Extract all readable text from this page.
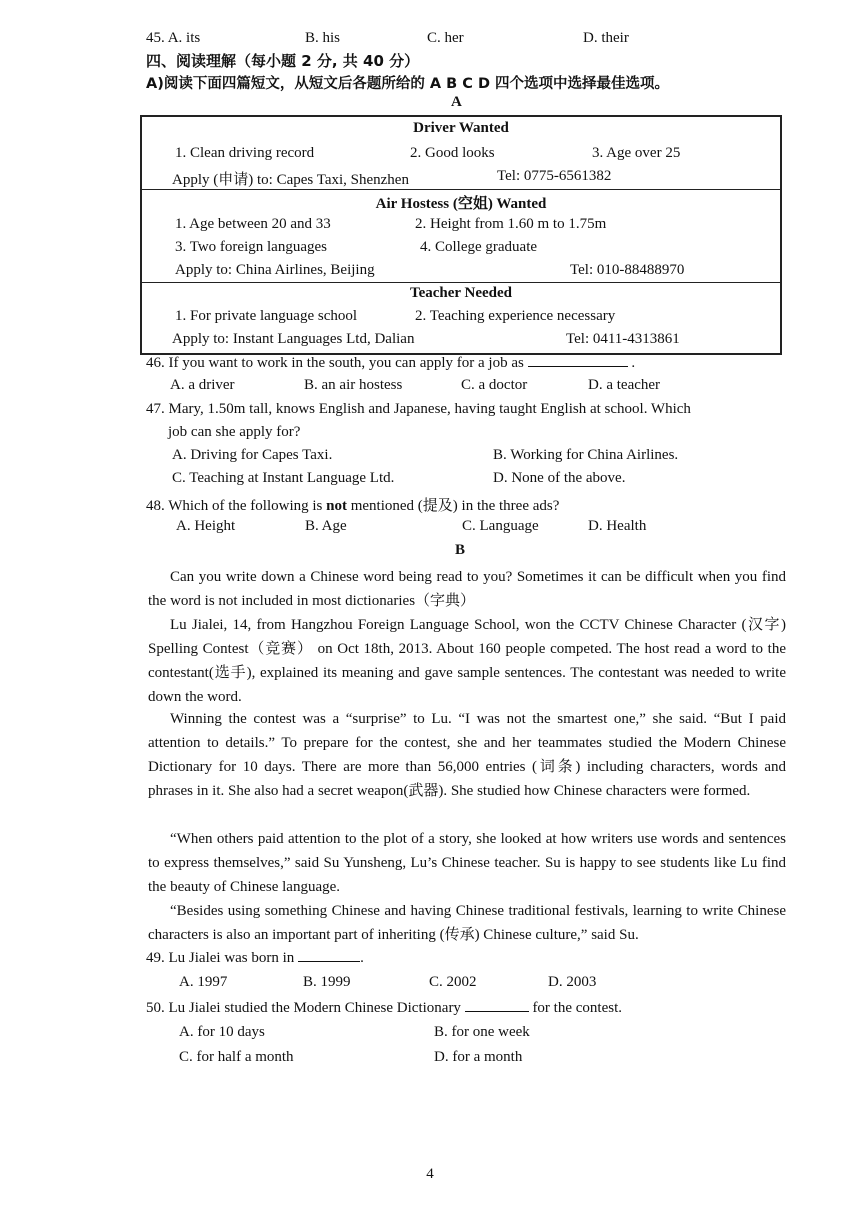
45. A. its	B. his	C. her	D. their
四、阅读理解（每小题 2 分, 共 40 分）
A)阅读下面四篇短文，从短文后各题所给的 A B C D 四个选项中选择最佳选项。
A
Driver Wanted
1. Clean driving record	2. Good looks	3. Age over 25
Apply (申请) to: Capes Taxi, Shenzhen	Tel: 0775-6561382
Air Hostess (空姐) Wanted
1. Age between 20 and 33	2. Height from 1.60 m to 1.75m
3. Two foreign languages	4. College graduate
Apply to: China Airlines, Beijing	Tel: 010-88488970
Teacher Needed
1. For private language school	2. Teaching experience necessary
Apply to: Instant Languages Ltd, Dalian	Tel: 0411-4313861
46. If you want to work in the south, you can apply for a job as	.
A. a driver	B. an air hostess	C. a doctor	D. a teacher
47. Mary, 1.50m tall, knows English and Japanese, having taught English at school. Which
job can she apply for?
A. Driving for Capes Taxi.	B. Working for China Airlines.
C. Teaching at Instant Language Ltd.	D. None of the above.
48. Which of the following is not mentioned (提及) in the three ads?
A. Height	B. Age	C. Language	D. Health
B
Can you write down a Chinese word being read to you? Sometimes it can be difficult when you find the word is not included in most dictionaries（字典）
Lu Jialei, 14, from Hangzhou Foreign Language School, won the CCTV Chinese Character (汉字) Spelling Contest（竞赛） on Oct 18th, 2013. About 160 people competed. The host read a word to the contestant(选手), explained its meaning and gave sample sentences. The contestant was needed to write down the word.
Winning the contest was a “surprise” to Lu. “I was not the smartest one,” she said. “But I paid attention to details.” To prepare for the contest, she and her teammates studied the Modern Chinese Dictionary for 10 days. There are more than 56,000 entries (词条) including characters, words and phrases in it. She also had a secret weapon(武器). She studied how Chinese characters were formed.
“When others paid attention to the plot of a story, she looked at how writers use words and sentences to express themselves,” said Su Yunsheng, Lu’s Chinese teacher. Su is happy to see students like Lu find the beauty of Chinese language.
“Besides using something Chinese and having Chinese traditional festivals, learning to write Chinese characters is also an important part of inheriting (传承) Chinese culture,” said Su.
49. Lu Jialei was born in	.
A. 1997	B. 1999	C. 2002	D. 2003
50. Lu Jialei studied the Modern Chinese Dictionary	for the contest.
A. for 10 days	B. for one week
C. for half a month	D. for a month
4
